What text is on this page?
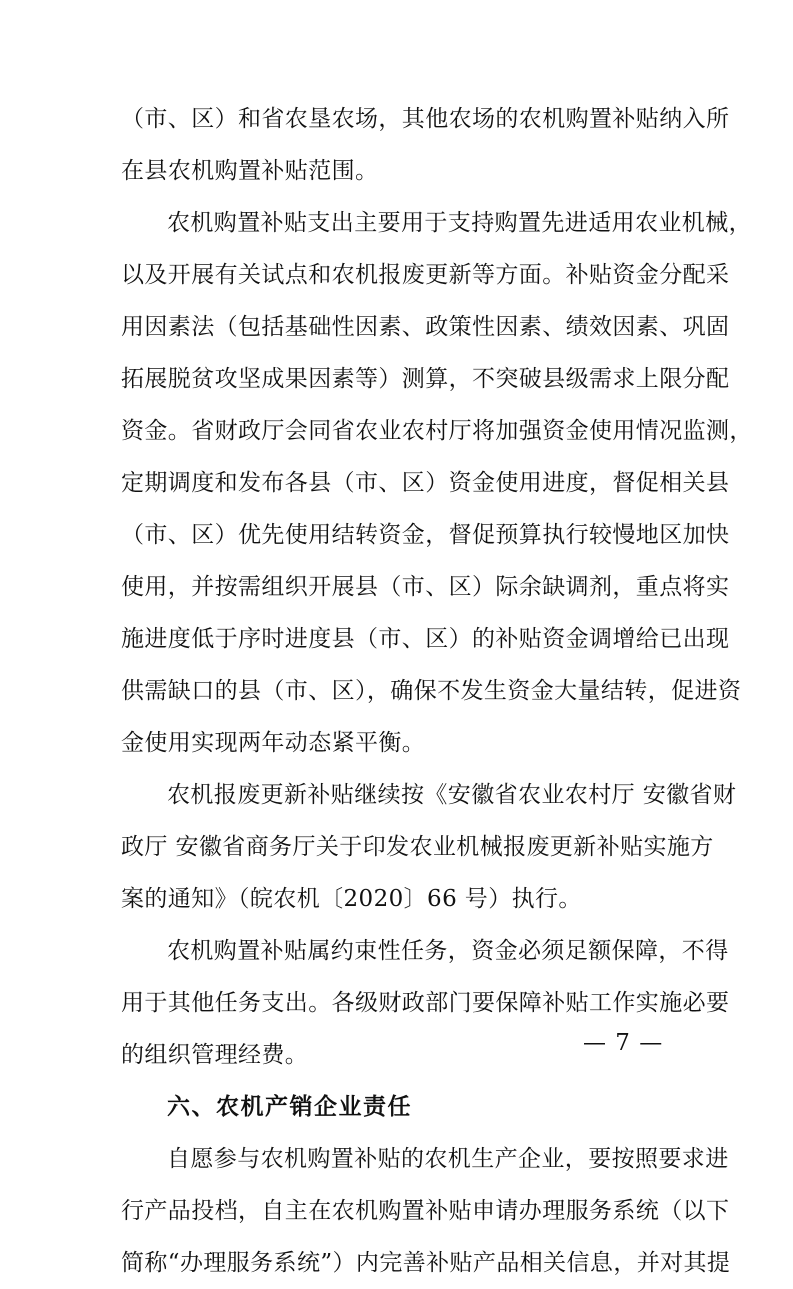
（市、区）和省农垦农场，其他农场的农机购置补贴纳入所
在县农机购置补贴范围。
农机购置补贴支出主要用于支持购置先进适用农业机械，
以及开展有关试点和农机报废更新等方面。补贴资金分配采
用因素法（包括基础性因素、政策性因素、绩效因素、巩固
拓展脱贫攻坚成果因素等）测算，不突破县级需求上限分配
资金。省财政厅会同省农业农村厅将加强资金使用情况监测，
定期调度和发布各县（市、区）资金使用进度，督促相关县
（市、区）优先使用结转资金，督促预算执行较慢地区加快
使用，并按需组织开展县（市、区）际余缺调剂，重点将实
施进度低于序时进度县（市、区）的补贴资金调增给已出现
供需缺口的县（市、区），确保不发生资金大量结转，促进资
金使用实现两年动态紧平衡。
农机报废更新补贴继续按《安徽省农业农村厅 安徽省财
政厅 安徽省商务厅关于印发农业机械报废更新补贴实施方
案的通知》（皖农机〔2020〕66 号）执行。
农机购置补贴属约束性任务，资金必须足额保障，不得
用于其他任务支出。各级财政部门要保障补贴工作实施必要
的组织管理经费。
六、农机产销企业责任
自愿参与农机购置补贴的农机生产企业，要按照要求进
行产品投档，自主在农机购置补贴申请办理服务系统（以下
简称“办理服务系统”）内完善补贴产品相关信息，并对其提
— 7 —
